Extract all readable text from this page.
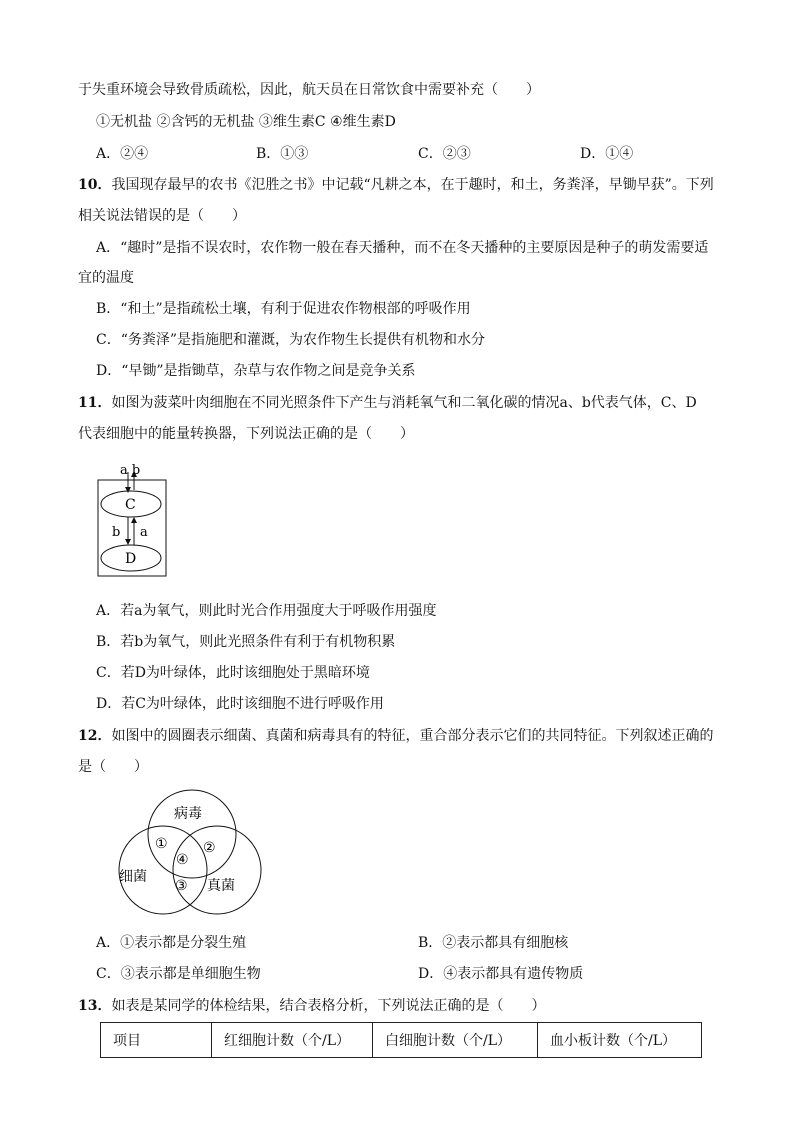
于失重环境会导致骨质疏松，因此，航天员在日常饮食中需要补充（　　）
①无机盐 ②含钙的无机盐 ③维生素C ④维生素D
A．②④	B．①③	C．②③	D．①④
10．我国现存最早的农书《氾胜之书》中记载“凡耕之本，在于趣时，和土，务粪泽，早锄早获”。下列
相关说法错误的是（　　）
A．“趣时”是指不误农时，农作物一般在春天播种，而不在冬天播种的主要原因是种子的萌发需要适
宜的温度
B．“和土”是指疏松土壤，有利于促进农作物根部的呼吸作用
C．“务粪泽”是指施肥和灌溉，为农作物生长提供有机物和水分
D．“早锄”是指锄草，杂草与农作物之间是竞争关系
11．如图为菠菜叶肉细胞在不同光照条件下产生与消耗氧气和二氧化碳的情况a、b代表气体，C、D
代表细胞中的能量转换器，下列说法正确的是（　　）
a b
C
D
b a
A．若a为氧气，则此时光合作用强度大于呼吸作用强度
B．若b为氧气，则此光照条件有利于有机物积累
C．若D为叶绿体，此时该细胞处于黑暗环境
D．若C为叶绿体，此时该细胞不进行呼吸作用
12．如图中的圆圈表示细菌、真菌和病毒具有的特征，重合部分表示它们的共同特征。下列叙述正确的
是（　　）
病毒
细菌
真菌
①	②
③
④
A．①表示都是分裂生殖	B．②表示都具有细胞核
C．③表示都是单细胞生物	D．④表示都具有遗传物质
13．如表是某同学的体检结果，结合表格分析，下列说法正确的是（　　）
项目	红细胞计数（个/L）	白细胞计数（个/L）	血小板计数（个/L）
